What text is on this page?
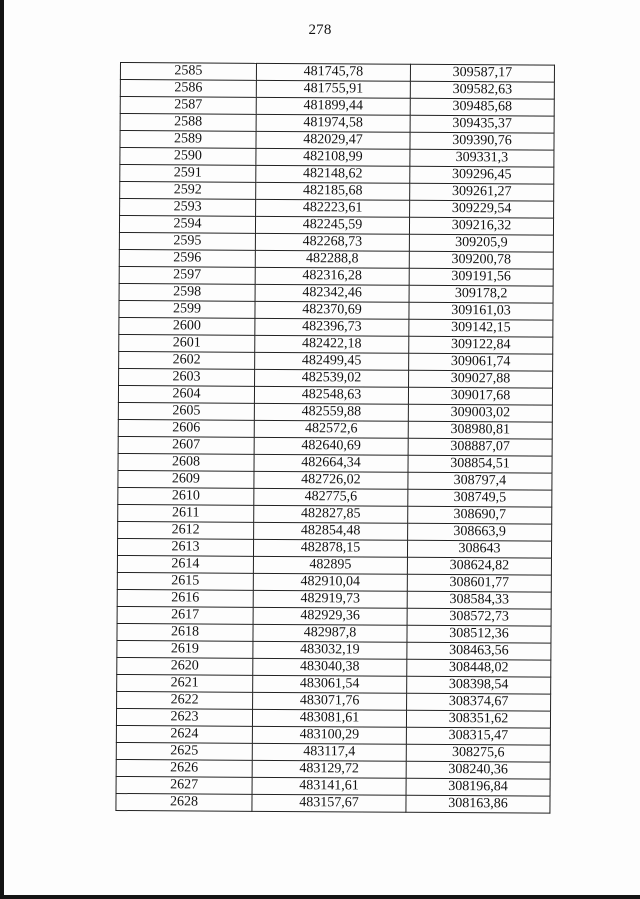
278
2585	481745,78	309587,17
2586	481755,91	309582,63
2587	481899,44	309485,68
2588	481974,58	309435,37
2589	482029,47	309390,76
2590	482108,99	309331,3
2591	482148,62	309296,45
2592	482185,68	309261,27
2593	482223,61	309229,54
2594	482245,59	309216,32
2595	482268,73	309205,9
2596	482288,8	309200,78
2597	482316,28	309191,56
2598	482342,46	309178,2
2599	482370,69	309161,03
2600	482396,73	309142,15
2601	482422,18	309122,84
2602	482499,45	309061,74
2603	482539,02	309027,88
2604	482548,63	309017,68
2605	482559,88	309003,02
2606	482572,6	308980,81
2607	482640,69	308887,07
2608	482664,34	308854,51
2609	482726,02	308797,4
2610	482775,6	308749,5
2611	482827,85	308690,7
2612	482854,48	308663,9
2613	482878,15	308643
2614	482895	308624,82
2615	482910,04	308601,77
2616	482919,73	308584,33
2617	482929,36	308572,73
2618	482987,8	308512,36
2619	483032,19	308463,56
2620	483040,38	308448,02
2621	483061,54	308398,54
2622	483071,76	308374,67
2623	483081,61	308351,62
2624	483100,29	308315,47
2625	483117,4	308275,6
2626	483129,72	308240,36
2627	483141,61	308196,84
2628	483157,67	308163,86
